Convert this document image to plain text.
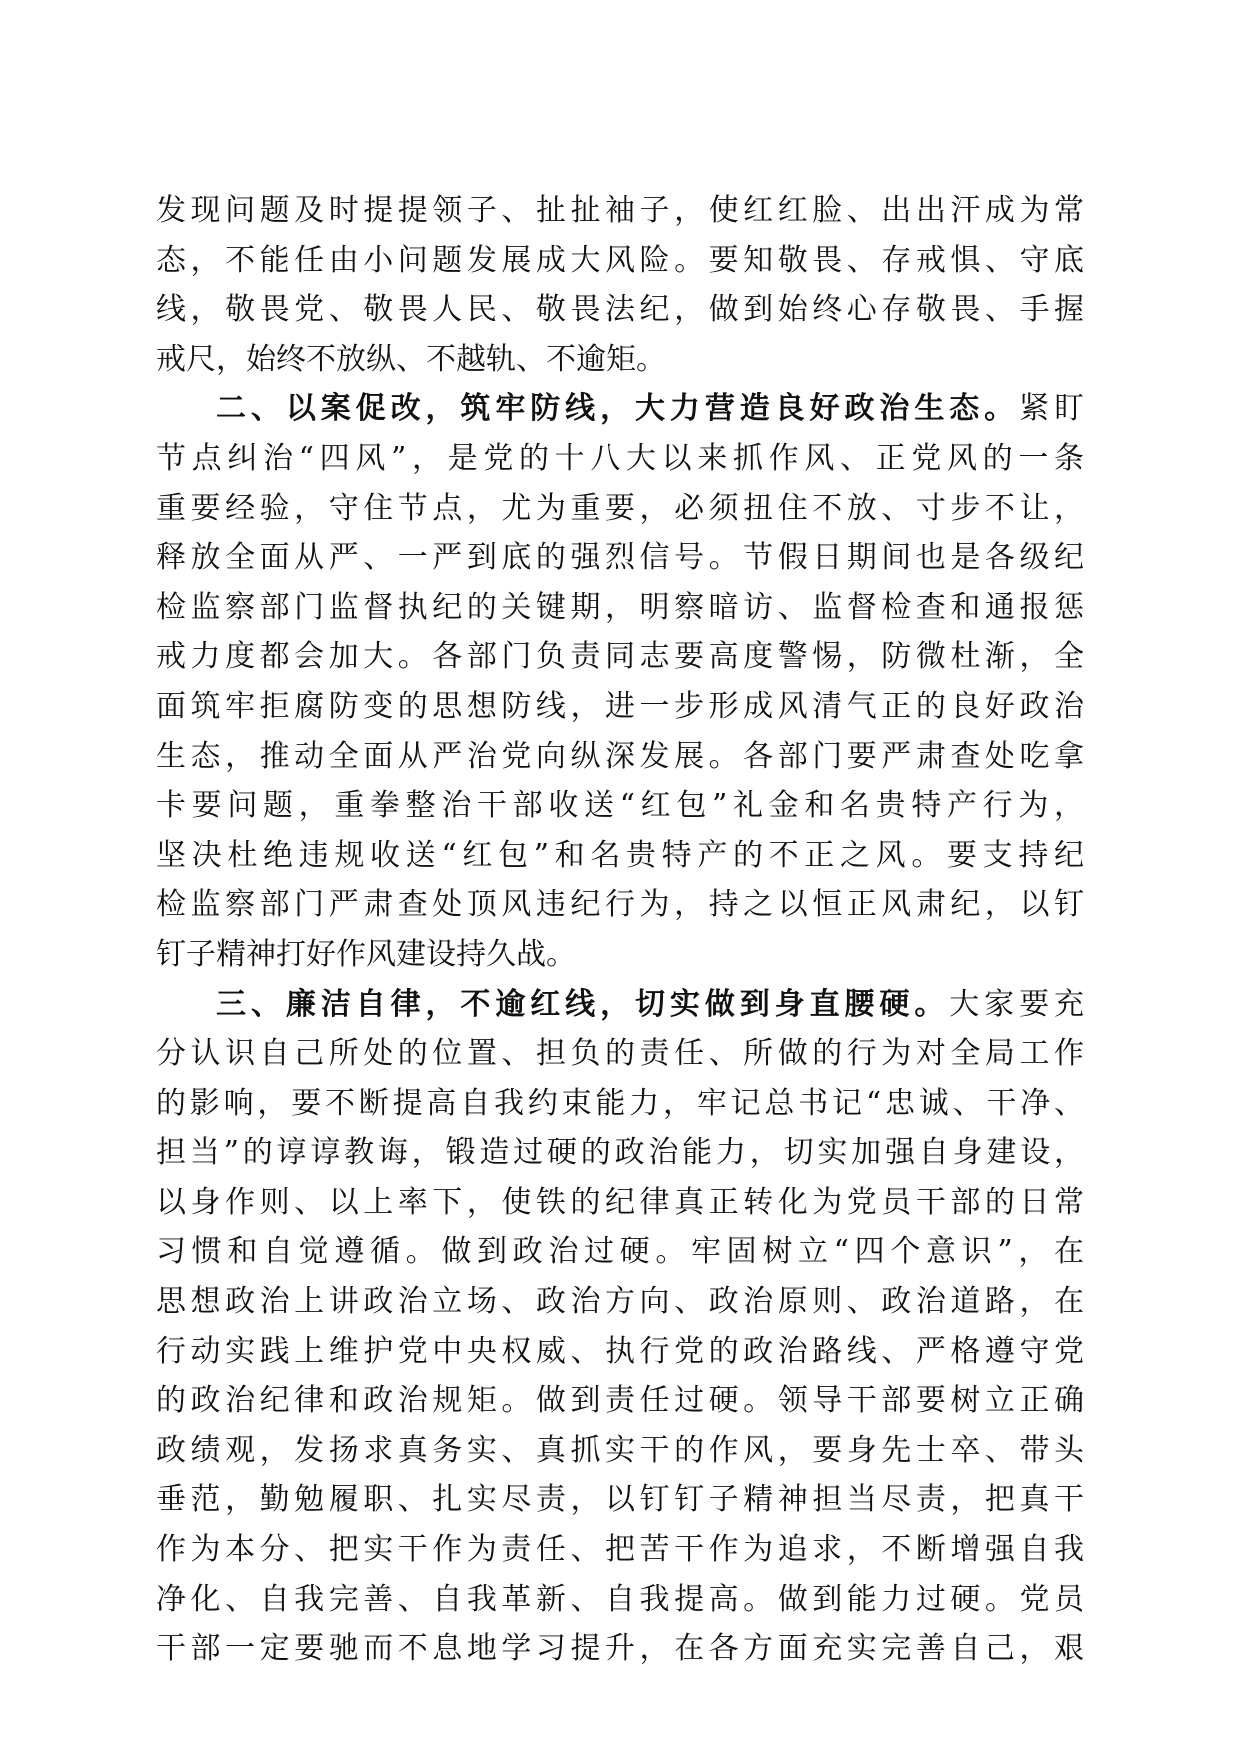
发现问题及时提提领子、扯扯袖子，使红红脸、出出汗成为常
态，不能任由小问题发展成大风险。要知敬畏、存戒惧、守底
线，敬畏党、敬畏人民、敬畏法纪，做到始终心存敬畏、手握
戒尺，始终不放纵、不越轨、不逾矩。
二、以案促改，筑牢防线，大力营造良好政治生态。紧盯
节点纠治“四风”，是党的十八大以来抓作风、正党风的一条
重要经验，守住节点，尤为重要，必须扭住不放、寸步不让，
释放全面从严、一严到底的强烈信号。节假日期间也是各级纪
检监察部门监督执纪的关键期，明察暗访、监督检查和通报惩
戒力度都会加大。各部门负责同志要高度警惕，防微杜渐，全
面筑牢拒腐防变的思想防线，进一步形成风清气正的良好政治
生态，推动全面从严治党向纵深发展。各部门要严肃查处吃拿
卡要问题，重拳整治干部收送“红包”礼金和名贵特产行为，
坚决杜绝违规收送“红包”和名贵特产的不正之风。要支持纪
检监察部门严肃查处顶风违纪行为，持之以恒正风肃纪，以钉
钉子精神打好作风建设持久战。
三、廉洁自律，不逾红线，切实做到身直腰硬。大家要充
分认识自己所处的位置、担负的责任、所做的行为对全局工作
的影响，要不断提高自我约束能力，牢记总书记“忠诚、干净、
担当”的谆谆教诲，锻造过硬的政治能力，切实加强自身建设，
以身作则、以上率下，使铁的纪律真正转化为党员干部的日常
习惯和自觉遵循。做到政治过硬。牢固树立“四个意识”，在
思想政治上讲政治立场、政治方向、政治原则、政治道路，在
行动实践上维护党中央权威、执行党的政治路线、严格遵守党
的政治纪律和政治规矩。做到责任过硬。领导干部要树立正确
政绩观，发扬求真务实、真抓实干的作风，要身先士卒、带头
垂范，勤勉履职、扎实尽责，以钉钉子精神担当尽责，把真干
作为本分、把实干作为责任、把苦干作为追求，不断增强自我
净化、自我完善、自我革新、自我提高。做到能力过硬。党员
干部一定要驰而不息地学习提升，在各方面充实完善自己，艰
